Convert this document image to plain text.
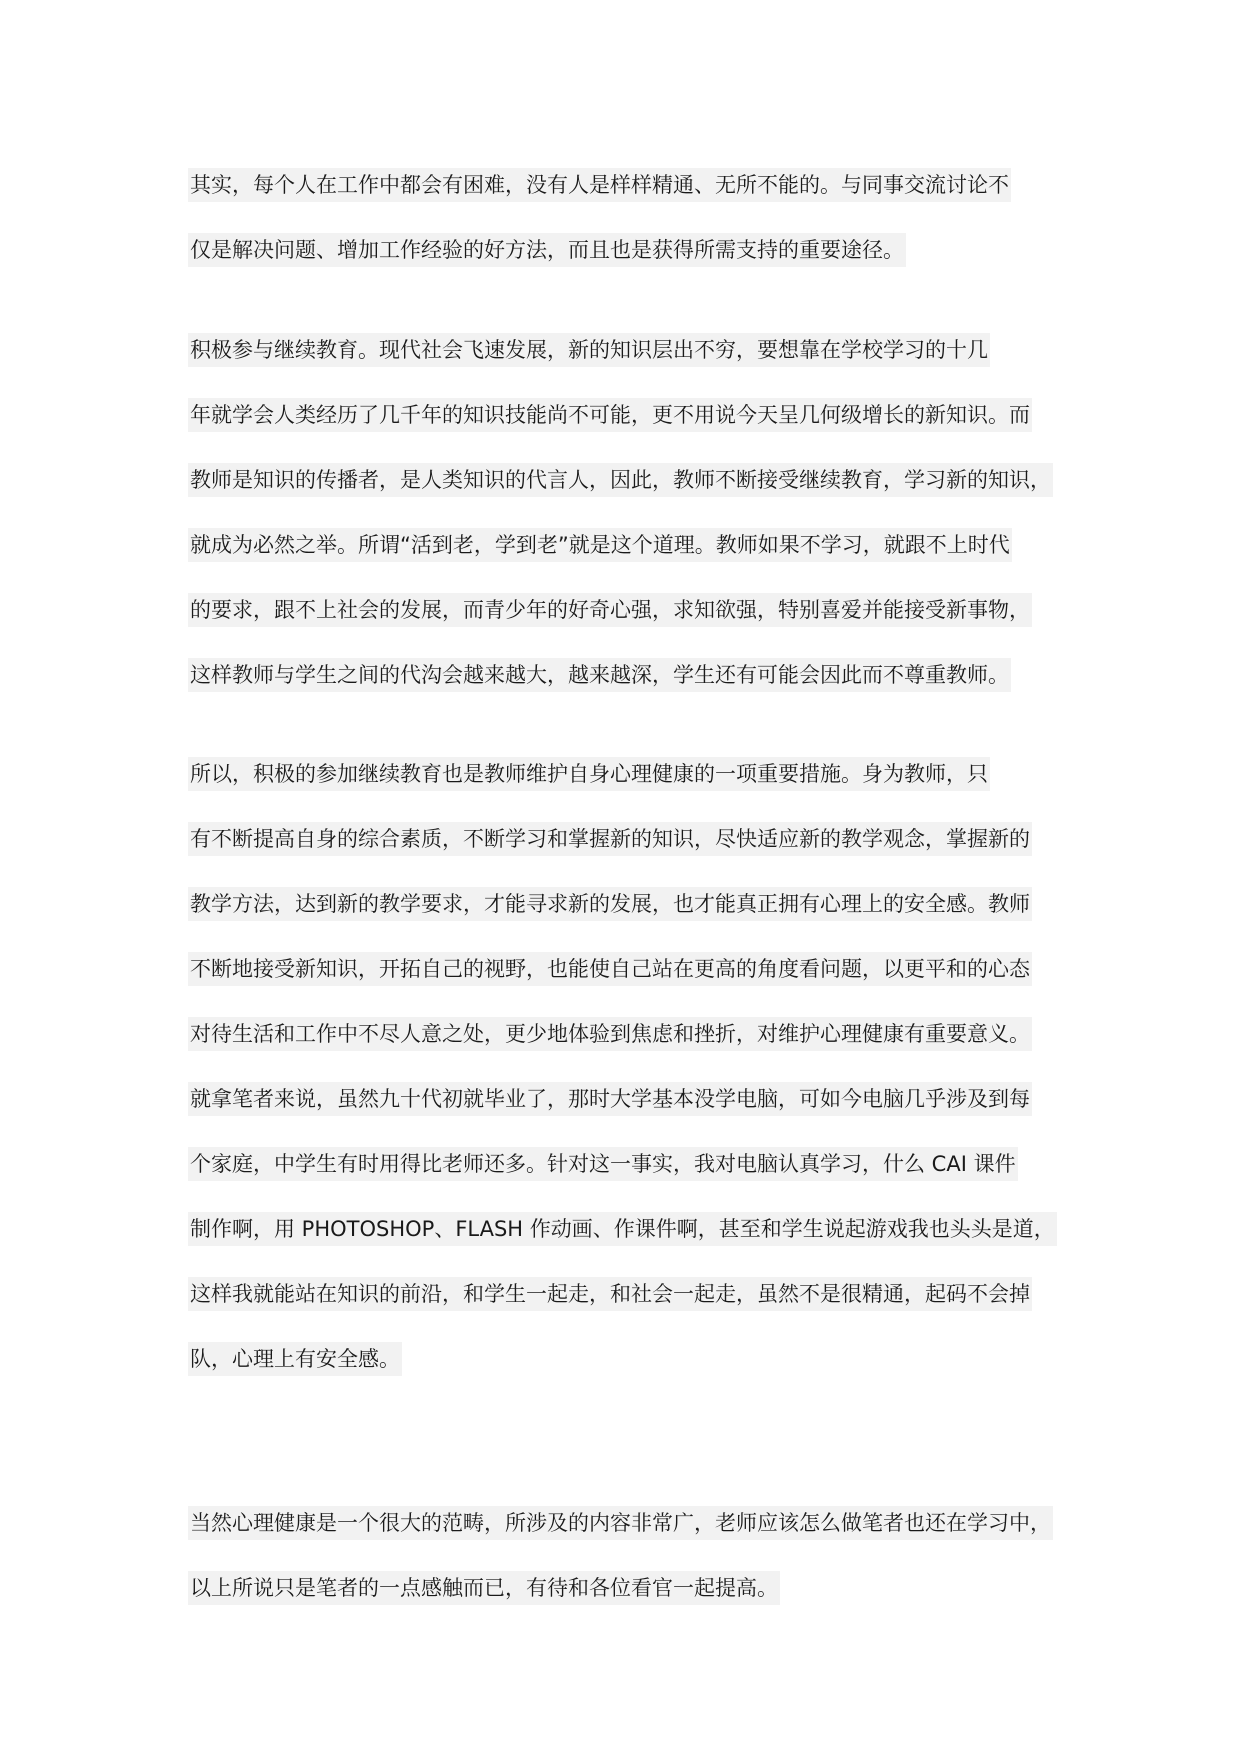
其实，每个人在工作中都会有困难，没有人是样样精通、无所不能的。与同事交流讨论不
仅是解决问题、增加工作经验的好方法，而且也是获得所需支持的重要途径。
积极参与继续教育。现代社会飞速发展，新的知识层出不穷，要想靠在学校学习的十几
年就学会人类经历了几千年的知识技能尚不可能，更不用说今天呈几何级增长的新知识。而
教师是知识的传播者，是人类知识的代言人，因此，教师不断接受继续教育，学习新的知识，
就成为必然之举。所谓“活到老，学到老”就是这个道理。教师如果不学习，就跟不上时代
的要求，跟不上社会的发展，而青少年的好奇心强，求知欲强，特别喜爱并能接受新事物，
这样教师与学生之间的代沟会越来越大，越来越深，学生还有可能会因此而不尊重教师。
所以，积极的参加继续教育也是教师维护自身心理健康的一项重要措施。身为教师，只
有不断提高自身的综合素质，不断学习和掌握新的知识，尽快适应新的教学观念，掌握新的
教学方法，达到新的教学要求，才能寻求新的发展，也才能真正拥有心理上的安全感。教师
不断地接受新知识，开拓自己的视野，也能使自己站在更高的角度看问题，以更平和的心态
对待生活和工作中不尽人意之处，更少地体验到焦虑和挫折，对维护心理健康有重要意义。
就拿笔者来说，虽然九十代初就毕业了，那时大学基本没学电脑，可如今电脑几乎涉及到每
个家庭，中学生有时用得比老师还多。针对这一事实，我对电脑认真学习，什么 CAI 课件
制作啊，用 PHOTOSHOP、FLASH 作动画、作课件啊，甚至和学生说起游戏我也头头是道，
这样我就能站在知识的前沿，和学生一起走，和社会一起走，虽然不是很精通，起码不会掉
队，心理上有安全感。
当然心理健康是一个很大的范畴，所涉及的内容非常广，老师应该怎么做笔者也还在学习中，
以上所说只是笔者的一点感触而已，有待和各位看官一起提高。
